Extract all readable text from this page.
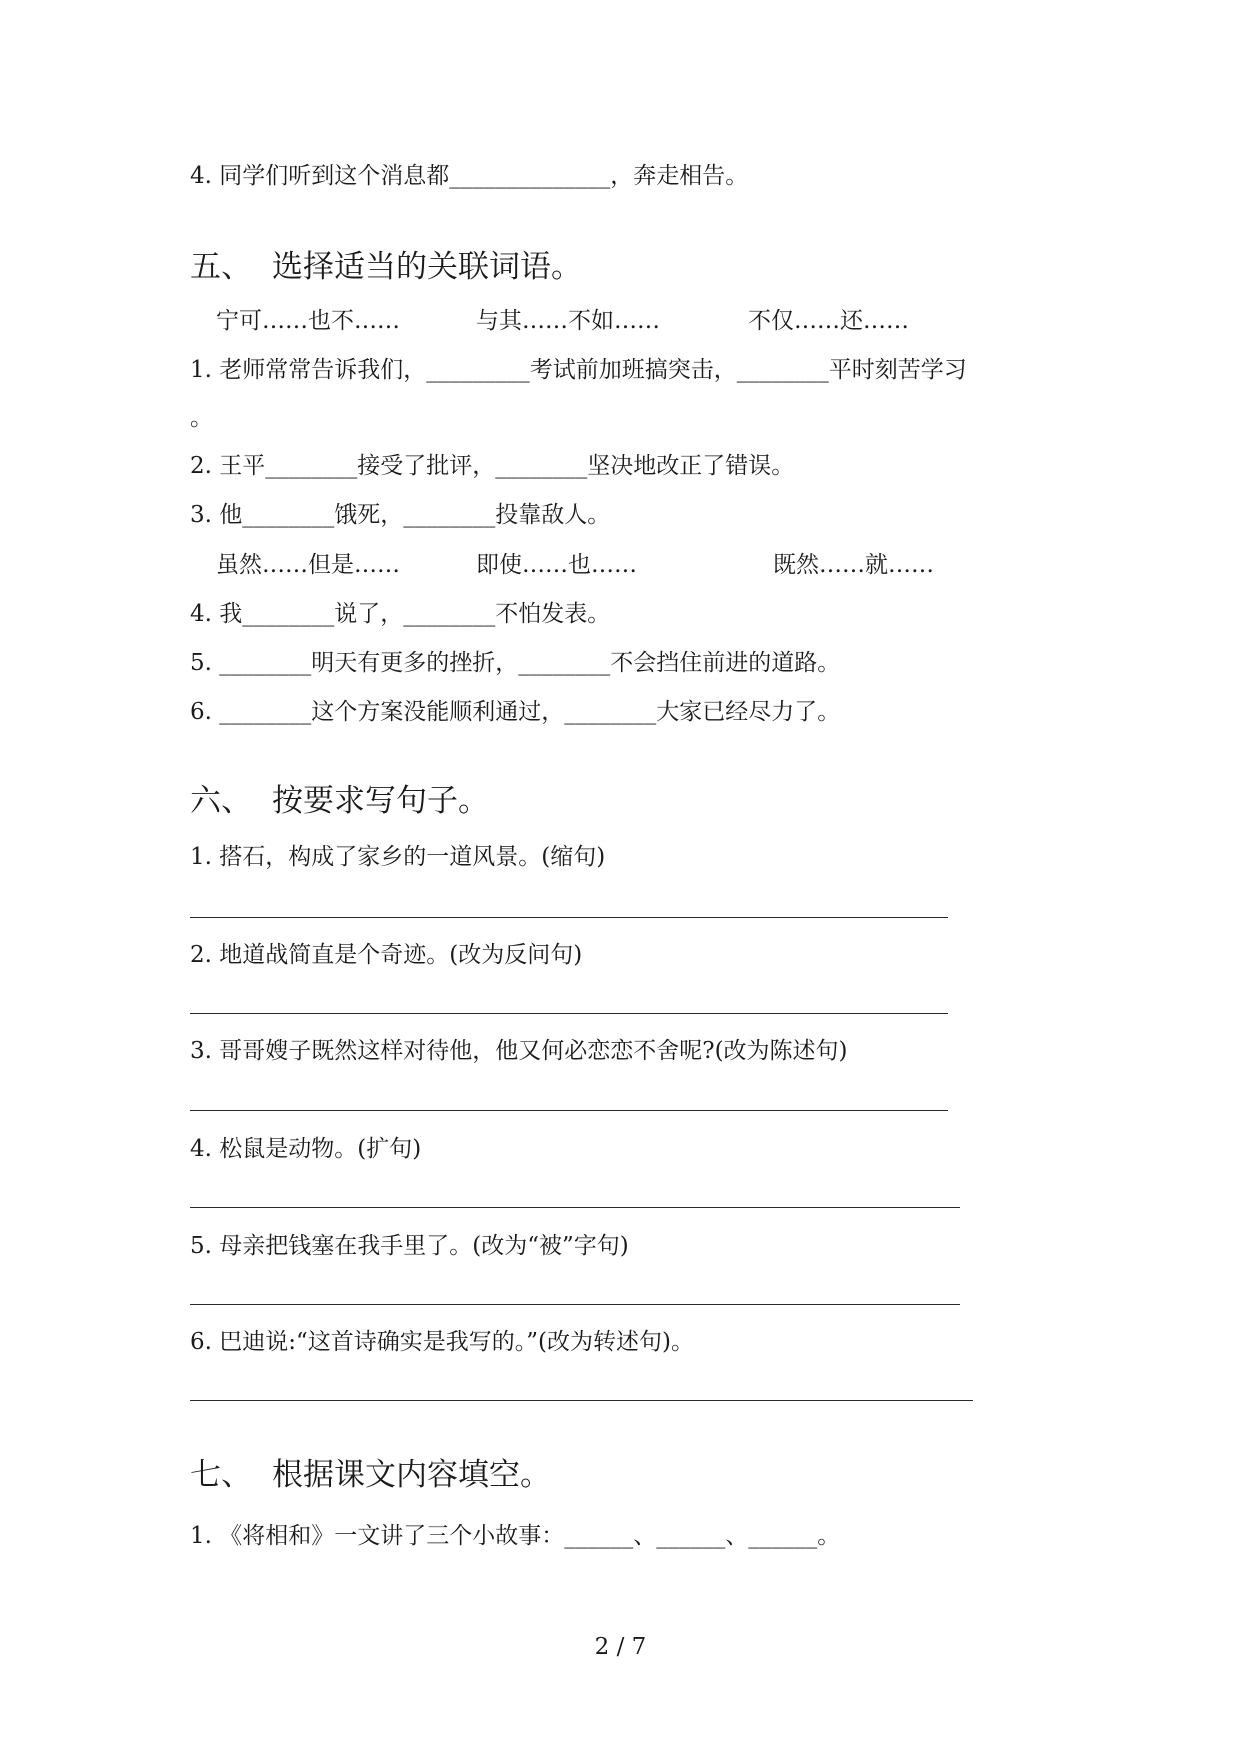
4. 同学们听到这个消息都______________，奔走相告。
五、 选择适当的关联词语。
宁可……也不……	与其……不如……	不仅……还……
1. 老师常常告诉我们，_________考试前加班搞突击，________平时刻苦学习
。
2. 王平________接受了批评，________坚决地改正了错误。
3. 他________饿死，________投靠敌人。
虽然……但是……	即使……也……	既然……就……
4. 我________说了，________不怕发表。
5. ________明天有更多的挫折，________不会挡住前进的道路。
6. ________这个方案没能顺利通过，________大家已经尽力了。
六、 按要求写句子。
1. 搭石，构成了家乡的一道风景。(缩句)
2. 地道战简直是个奇迹。(改为反问句)
3. 哥哥嫂子既然这样对待他，他又何必恋恋不舍呢?(改为陈述句)
4. 松鼠是动物。(扩句)
5. 母亲把钱塞在我手里了。(改为“被”字句)
6. 巴迪说:“这首诗确实是我写的。”(改为转述句)。
七、 根据课文内容填空。
1. 《将相和》一文讲了三个小故事：______、______、______。
2 / 7
